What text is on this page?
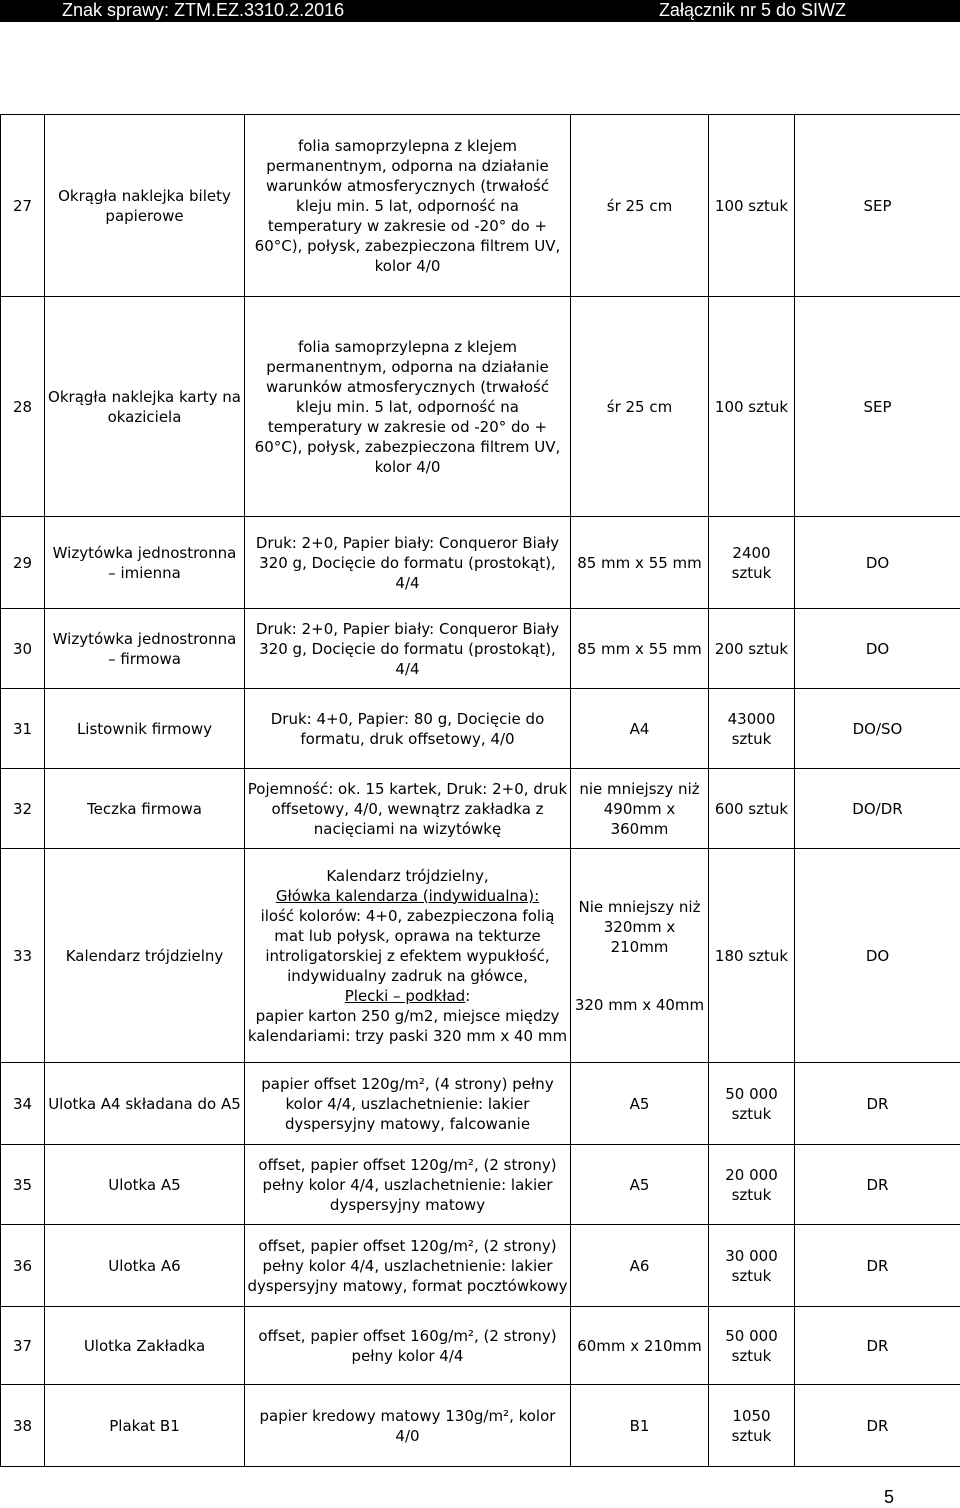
Znak sprawy: ZTM.EZ.3310.2.2016	Załącznik nr 5 do SIWZ
27	Okrągła naklejka bilety papierowe	folia samoprzylepna z klejem permanentnym, odporna na działanie warunków atmosferycznych (trwałość kleju min. 5 lat, odporność na temperatury w zakresie od -20° do + 60°C), połysk, zabezpieczona filtrem UV, kolor 4/0	śr 25 cm	100 sztuk	SEP
28	Okrągła naklejka karty na okaziciela	folia samoprzylepna z klejem permanentnym, odporna na działanie warunków atmosferycznych (trwałość kleju min. 5 lat, odporność na temperatury w zakresie od -20° do + 60°C), połysk, zabezpieczona filtrem UV, kolor 4/0	śr 25 cm	100 sztuk	SEP
29	Wizytówka jednostronna – imienna	Druk: 2+0, Papier biały: Conqueror Biały 320 g, Docięcie do formatu (prostokąt), 4/4	85 mm x 55 mm	2400 sztuk	DO
30	Wizytówka jednostronna – firmowa	Druk: 2+0, Papier biały: Conqueror Biały 320 g, Docięcie do formatu (prostokąt), 4/4	85 mm x 55 mm	200 sztuk	DO
31	Listownik firmowy	Druk: 4+0, Papier: 80 g, Docięcie do formatu, druk offsetowy, 4/0	A4	43000 sztuk	DO/SO
32	Teczka firmowa	Pojemność: ok. 15 kartek, Druk: 2+0, druk offsetowy, 4/0, wewnątrz zakładka z nacięciami na wizytówkę	nie mniejszy niż 490mm x 360mm	600 sztuk	DO/DR
33	Kalendarz trójdzielny	Kalendarz trójdzielny,
Główka kalendarza (indywidualna):
ilość kolorów: 4+0, zabezpieczona folią mat lub połysk, oprawa na tekturze introligatorskiej z efektem wypukłość, indywidualny zadruk na główce,
Plecki – podkład:
papier karton 250 g/m2, miejsce między kalendariami: trzy paski 320 mm x 40 mm	Nie mniejszy niż 320mm x 210mm
320 mm x 40mm	180 sztuk	DO
34	Ulotka A4 składana do A5	papier offset 120g/m², (4 strony) pełny kolor 4/4, uszlachetnienie: lakier dyspersyjny matowy, falcowanie	A5	50 000 sztuk	DR
35	Ulotka A5	offset, papier offset 120g/m², (2 strony) pełny kolor 4/4, uszlachetnienie: lakier dyspersyjny matowy	A5	20 000 sztuk	DR
36	Ulotka A6	offset, papier offset 120g/m², (2 strony) pełny kolor 4/4, uszlachetnienie: lakier dyspersyjny matowy, format pocztówkowy	A6	30 000 sztuk	DR
37	Ulotka Zakładka	offset, papier offset 160g/m², (2 strony) pełny kolor 4/4	60mm x 210mm	50 000 sztuk	DR
38	Plakat B1	papier kredowy matowy 130g/m², kolor 4/0	B1	1050 sztuk	DR
5
